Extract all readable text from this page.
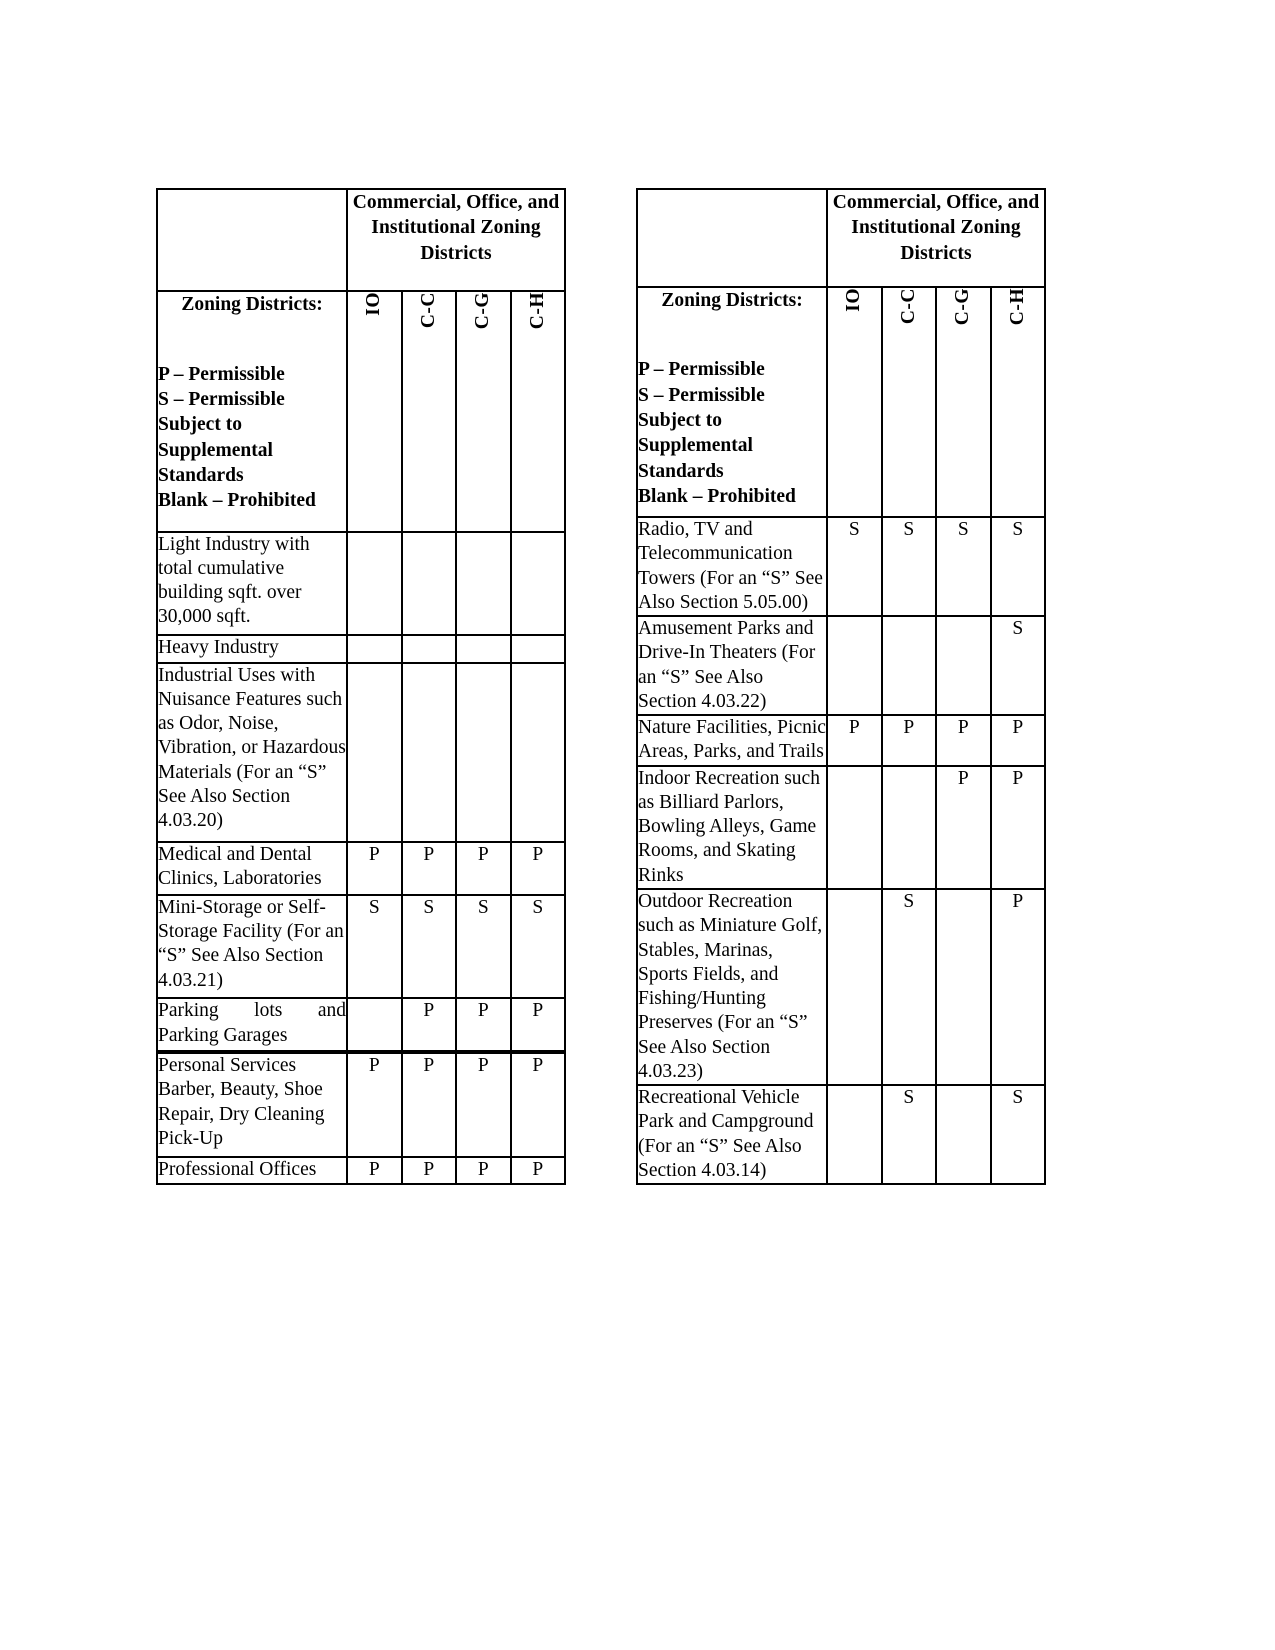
	Commercial, Office, and Institutional Zoning Districts			

Zoning Districts:
P – Permissible
S – Permissible
Subject to
Supplemental
Standards
Blank – Prohibited

IO	C-C	C-G	C-H

Light Industry with total cumulative building sqft. over 30,000 sqft.				
Heavy Industry				
Industrial Uses with Nuisance Features such as Odor, Noise, Vibration, or Hazardous Materials (For an “S” See Also Section 4.03.20)				
Medical and Dental Clinics, Laboratories	P	P	P	P
Mini-Storage or Self-Storage Facility (For an “S” See Also Section 4.03.21)	S	S	S	S
Parking lots and Parking Garages		P	P	P

Personal Services Barber, Beauty, Shoe Repair, Dry Cleaning Pick-Up	P	P	P	P
Professional Offices	P	P	P	P
	Commercial, Office, and Institutional Zoning Districts			

Zoning Districts:
P – Permissible
S – Permissible
Subject to
Supplemental
Standards
Blank – Prohibited

IO	C-C	C-G	C-H

Radio, TV and Telecommunication Towers (For an “S” See Also Section 5.05.00)	S	S	S	S
Amusement Parks and Drive-In Theaters (For an “S” See Also Section 4.03.22)				S
Nature Facilities, Picnic Areas, Parks, and Trails	P	P	P	P
Indoor Recreation such as Billiard Parlors, Bowling Alleys, Game Rooms, and Skating Rinks			P	P
Outdoor Recreation such as Miniature Golf, Stables, Marinas, Sports Fields, and Fishing/Hunting Preserves (For an “S” See Also Section 4.03.23)		S		P
Recreational Vehicle Park and Campground (For an “S” See Also Section 4.03.14)		S		S
